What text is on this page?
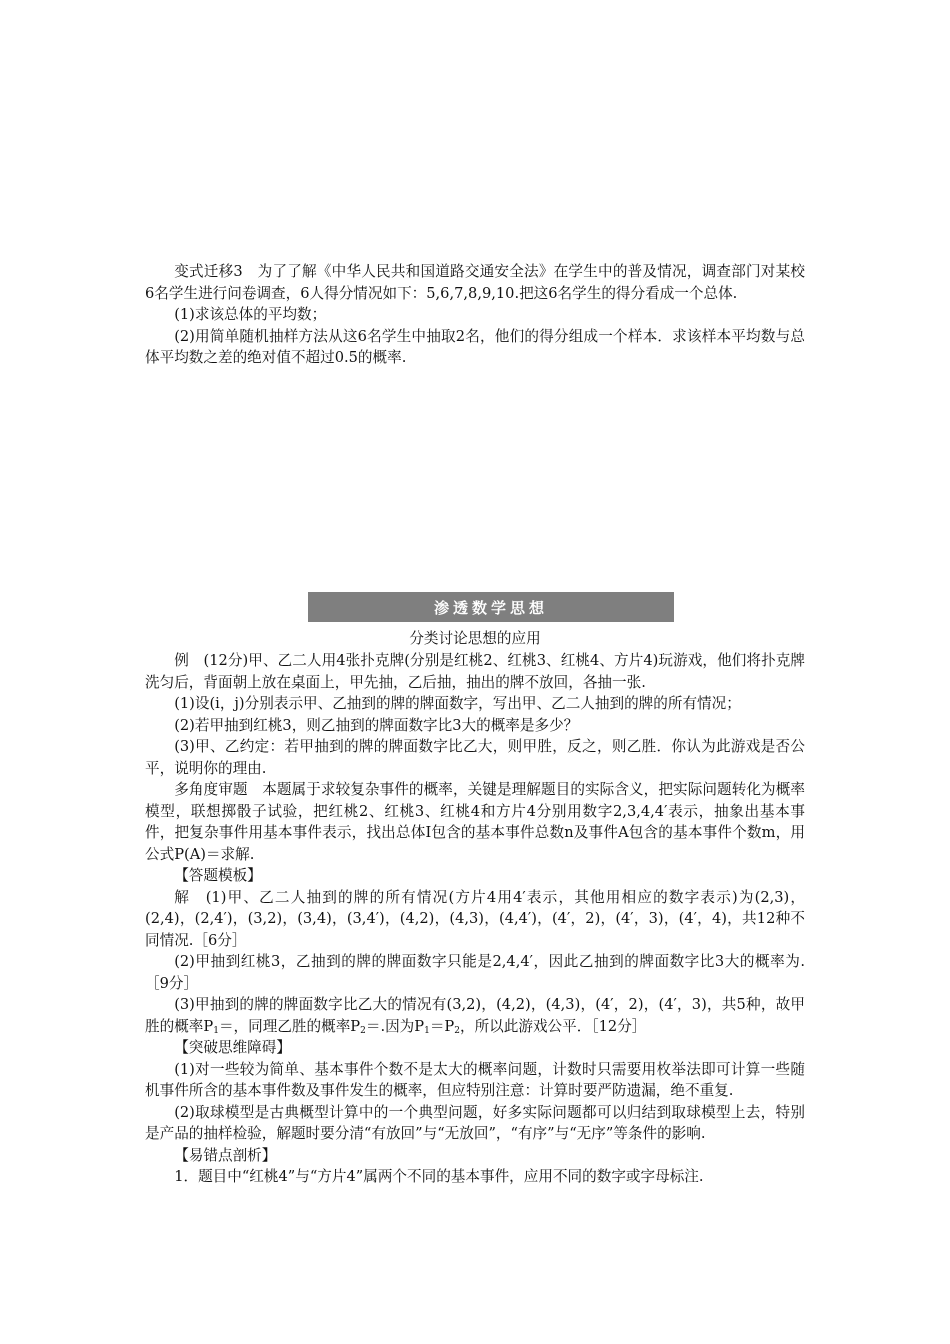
变式迁移3　为了了解《中华人民共和国道路交通安全法》在学生中的普及情况，调查部门对某校6名学生进行问卷调查，6人得分情况如下：5,6,7,8,9,10.把这6名学生的得分看成一个总体.

(1)求该总体的平均数；

(2)用简单随机抽样方法从这6名学生中抽取2名，他们的得分组成一个样本．求该样本平均数与总体平均数之差的绝对值不超过0.5的概率.

渗透数学思想
分类讨论思想的应用

例　(12分)甲、乙二人用4张扑克牌(分别是红桃2、红桃3、红桃4、方片4)玩游戏，他们将扑克牌洗匀后，背面朝上放在桌面上，甲先抽，乙后抽，抽出的牌不放回，各抽一张.

(1)设(i，j)分别表示甲、乙抽到的牌的牌面数字，写出甲、乙二人抽到的牌的所有情况；

(2)若甲抽到红桃3，则乙抽到的牌面数字比3大的概率是多少？

(3)甲、乙约定：若甲抽到的牌的牌面数字比乙大，则甲胜，反之，则乙胜．你认为此游戏是否公平，说明你的理由.

多角度审题　本题属于求较复杂事件的概率，关键是理解题目的实际含义，把实际问题转化为概率模型，联想掷骰子试验，把红桃2、红桃3、红桃4和方片4分别用数字2,3,4,4′表示，抽象出基本事件，把复杂事件用基本事件表示，找出总体Ⅰ包含的基本事件总数n及事件A包含的基本事件个数m，用公式P(A)＝求解.

【答题模板】

解　(1)甲、乙二人抽到的牌的所有情况(方片4用4′表示，其他用相应的数字表示)为(2,3)，(2,4)，(2,4′)，(3,2)，(3,4)，(3,4′)，(4,2)，(4,3)，(4,4′)，(4′，2)，(4′，3)，(4′，4)，共12种不同情况.［6分］

(2)甲抽到红桃3，乙抽到的牌的牌面数字只能是2,4,4′，因此乙抽到的牌面数字比3大的概率为.［9分］

(3)甲抽到的牌的牌面数字比乙大的情况有(3,2)，(4,2)，(4,3)，(4′，2)，(4′，3)，共5种，故甲胜的概率$P_1=$，同理乙胜的概率$P_2=$.因为$P_1=P_2$，所以此游戏公平．［12分］

【突破思维障碍】

(1)对一些较为简单、基本事件个数不是太大的概率问题，计数时只需要用枚举法即可计算一些随机事件所含的基本事件数及事件发生的概率，但应特别注意：计算时要严防遗漏，绝不重复.

(2)取球模型是古典概型计算中的一个典型问题，好多实际问题都可以归结到取球模型上去，特别是产品的抽样检验，解题时要分清“有放回”与“无放回”，“有序”与“无序”等条件的影响.

【易错点剖析】

1．题目中“红桃4”与“方片4”属两个不同的基本事件，应用不同的数字或字母标注.
